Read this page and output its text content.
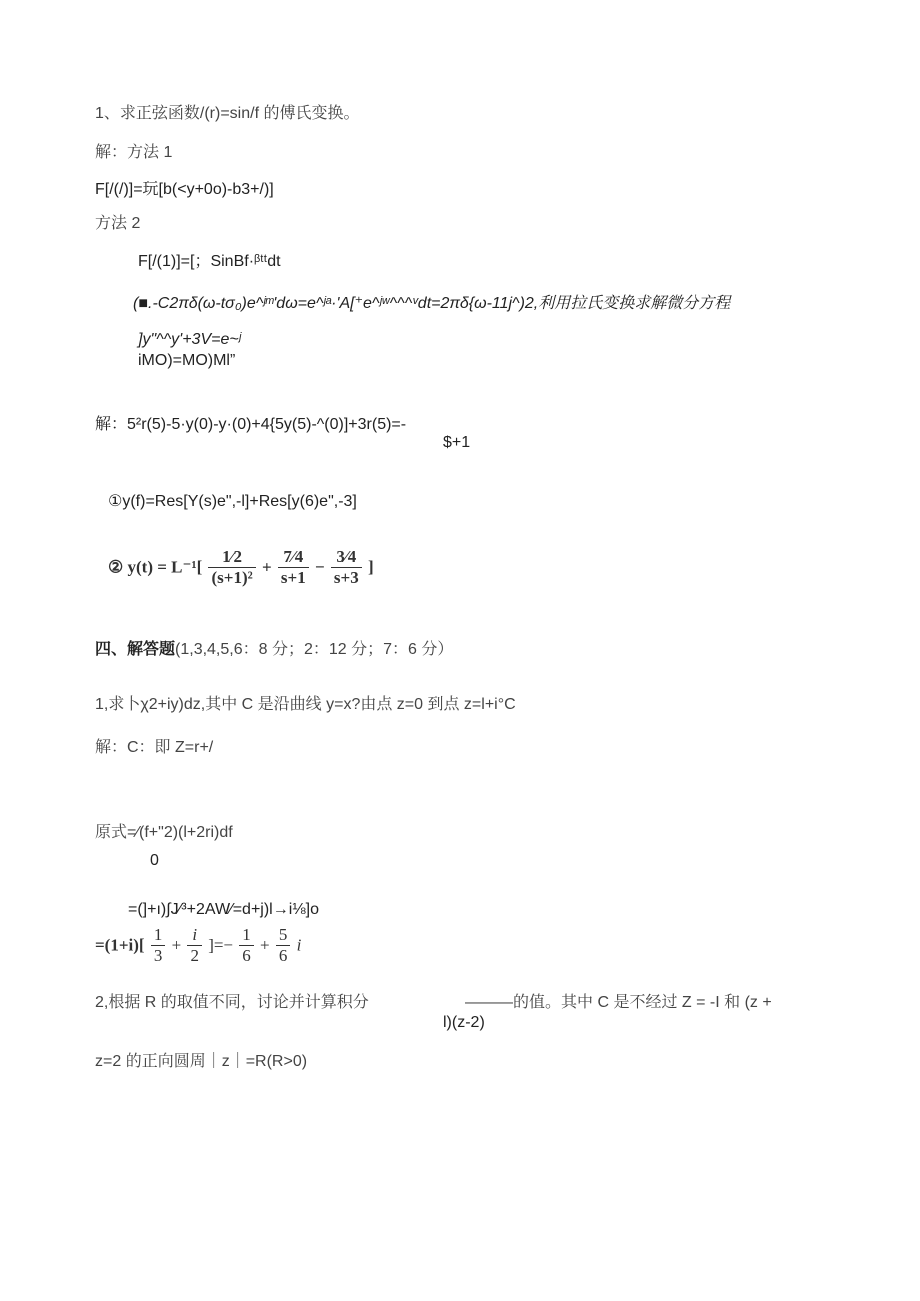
1、求正弦函数/(r)=sin/f 的傅氏变换。
解：方法 1
F[/(/)]=玩[b(<y+0o)-b3+/)]
方法 2
F[/(1)]=[；SinBf·ᵝᵗᵗdt
(■.-C2πδ(ω-tσ₀)e^ʲᵐ'dω=e^ʲᵃ·'A[⁺e^ʲʷ^^^ᵛdt=2πδ{ω-11j^)2,利用拉氏变换求解微分方程
]y"^^y'+3V=e~ʲ
iMO)=MO)Ml”
解：5²r(5)-5·y(0)-y·(0)+4{5y(5)-^(0)]+3r(5)=-
$+1
①y(f)=Res[Y(s)e",-l]+Res[y(6)e",-3]
② $y(t) = L^{-1}[ \frac{1⁄2}{\text{(s+1)²}} + \frac{7⁄4}{s+1} - \frac{3⁄4}{s+3}$ ]
四、解答题(1,3,4,5,6：8 分；2：12 分；7：6 分）
1,求卜χ2+iy)dz,其中 C 是沿曲线 y=x?由点 z=0 到点 z=l+i°C
解：C：即 Z=r+/
原式=∕(f+"2)(l+2ri)df
0
=(]+ı)∫J⁄³+2AW∕=d+j)l→i⅛]o
$=(1+i)[ \frac{1}{3} + \frac{i}{2}$ ]=− $\frac{1}{6} + \frac{5}{6}$ i
2,根据 R 的取值不同，讨论并计算积分	———的值。其中 C 是不经过 Z = -I 和 (z +
l)(z-2)
z=2 的正向圆周｜z｜=R(R>0)
